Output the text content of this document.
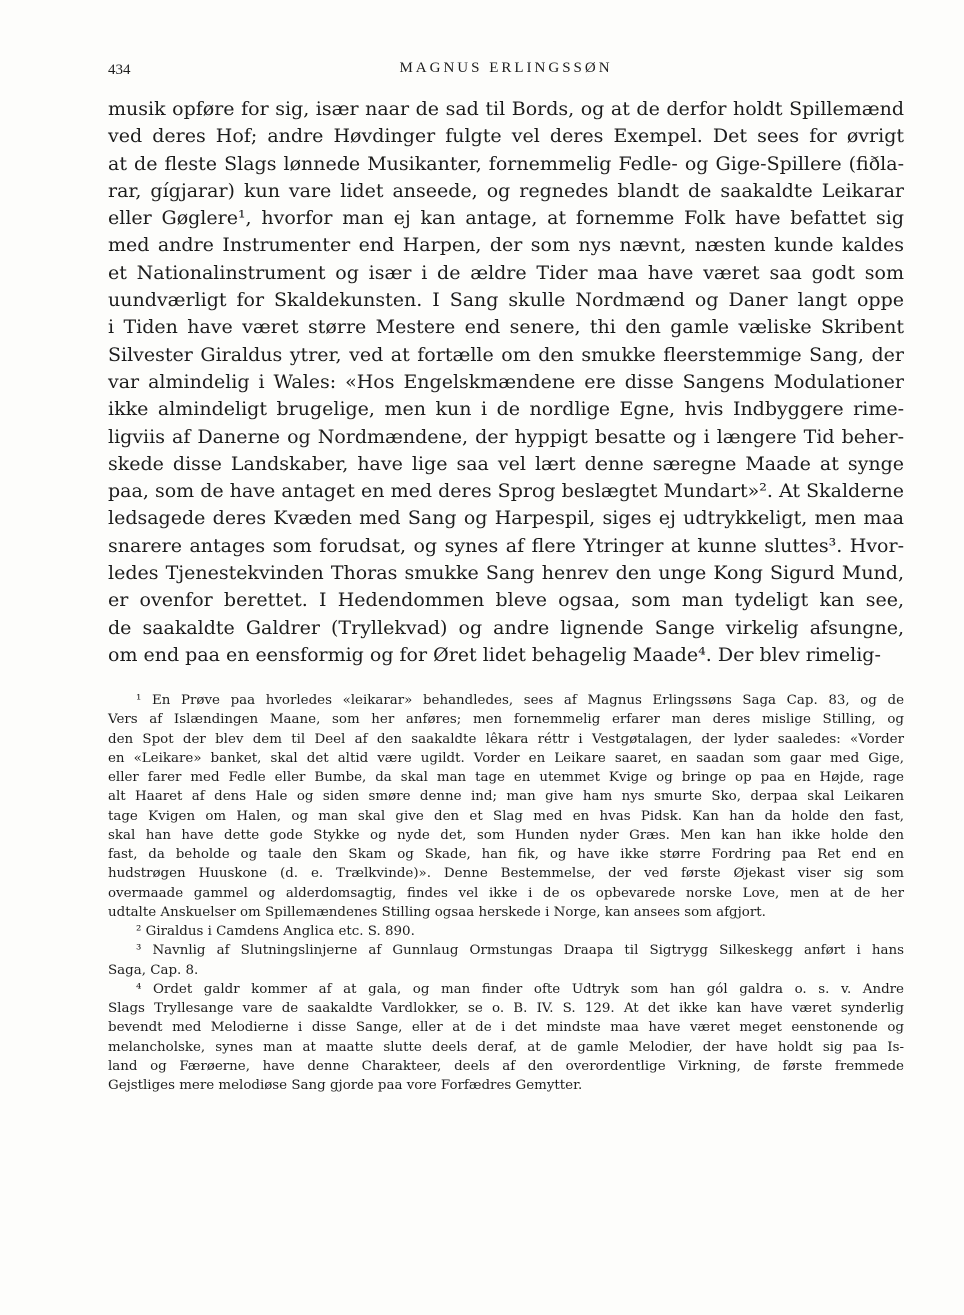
434	MAGNUS ERLINGSSØN
musik opføre for sig, især naar de sad til Bords, og at de derfor holdt Spillemænd
ved deres Hof; andre Høvdinger fulgte vel deres Exempel. Det sees for øvrigt
at de fleste Slags lønnede Musikanter, fornemmelig Fedle- og Gige-Spillere (fiðla-
rar, gígjarar) kun vare lidet anseede, og regnedes blandt de saakaldte Leikarar
eller Gøglere¹, hvorfor man ej kan antage, at fornemme Folk have befattet sig
med andre Instrumenter end Harpen, der som nys nævnt, næsten kunde kaldes
et Nationalinstrument og især i de ældre Tider maa have været saa godt som
uundværligt for Skaldekunsten. I Sang skulle Nordmænd og Daner langt oppe
i Tiden have været større Mestere end senere, thi den gamle væliske Skribent
Silvester Giraldus ytrer, ved at fortælle om den smukke fleerstemmige Sang, der
var almindelig i Wales: «Hos Engelskmændene ere disse Sangens Modulationer
ikke almindeligt brugelige, men kun i de nordlige Egne, hvis Indbyggere rime-
ligviis af Danerne og Nordmændene, der hyppigt besatte og i længere Tid beher-
skede disse Landskaber, have lige saa vel lært denne særegne Maade at synge
paa, som de have antaget en med deres Sprog beslægtet Mundart»². At Skalderne
ledsagede deres Kvæden med Sang og Harpespil, siges ej udtrykkeligt, men maa
snarere antages som forudsat, og synes af flere Ytringer at kunne sluttes³. Hvor-
ledes Tjenestekvinden Thoras smukke Sang henrev den unge Kong Sigurd Mund,
er ovenfor berettet. I Hedendommen bleve ogsaa, som man tydeligt kan see,
de saakaldte Galdrer (Tryllekvad) og andre lignende Sange virkelig afsungne,
om end paa en eensformig og for Øret lidet behagelig Maade⁴. Der blev rimelig-
¹ En Prøve paa hvorledes «leikarar» behandledes, sees af Magnus Erlingssøns Saga Cap. 83, og de
Vers af Islændingen Maane, som her anføres; men fornemmelig erfarer man deres mislige Stilling, og
den Spot der blev dem til Deel af den saakaldte lêkara réttr i Vestgøtalagen, der lyder saaledes: «Vorder
en «Leikare» banket, skal det altid være ugildt. Vorder en Leikare saaret, en saadan som gaar med Gige,
eller farer med Fedle eller Bumbe, da skal man tage en utemmet Kvige og bringe op paa en Højde, rage
alt Haaret af dens Hale og siden smøre denne ind; man give ham nys smurte Sko, derpaa skal Leikaren
tage Kvigen om Halen, og man skal give den et Slag med en hvas Pidsk. Kan han da holde den fast,
skal han have dette gode Stykke og nyde det, som Hunden nyder Græs. Men kan han ikke holde den
fast, da beholde og taale den Skam og Skade, han fik, og have ikke større Fordring paa Ret end en
hudstrøgen Huuskone (d. e. Trælkvinde)». Denne Bestemmelse, der ved første Øjekast viser sig som
overmaade gammel og alderdomsagtig, findes vel ikke i de os opbevarede norske Love, men at de her
udtalte Anskuelser om Spillemændenes Stilling ogsaa herskede i Norge, kan ansees som afgjort.
² Giraldus i Camdens Anglica etc. S. 890.
³ Navnlig af Slutningslinjerne af Gunnlaug Ormstungas Draapa til Sigtrygg Silkeskegg anført i hans
Saga, Cap. 8.
⁴ Ordet galdr kommer af at gala, og man finder ofte Udtryk som han gól galdra o. s. v. Andre
Slags Tryllesange vare de saakaldte Vardlokker, se o. B. IV. S. 129. At det ikke kan have været synderlig
bevendt med Melodierne i disse Sange, eller at de i det mindste maa have været meget eenstonende og
melancholske, synes man at maatte slutte deels deraf, at de gamle Melodier, der have holdt sig paa Is-
land og Færøerne, have denne Charakteer, deels af den overordentlige Virkning, de første fremmede
Gejstliges mere melodiøse Sang gjorde paa vore Forfædres Gemytter.
